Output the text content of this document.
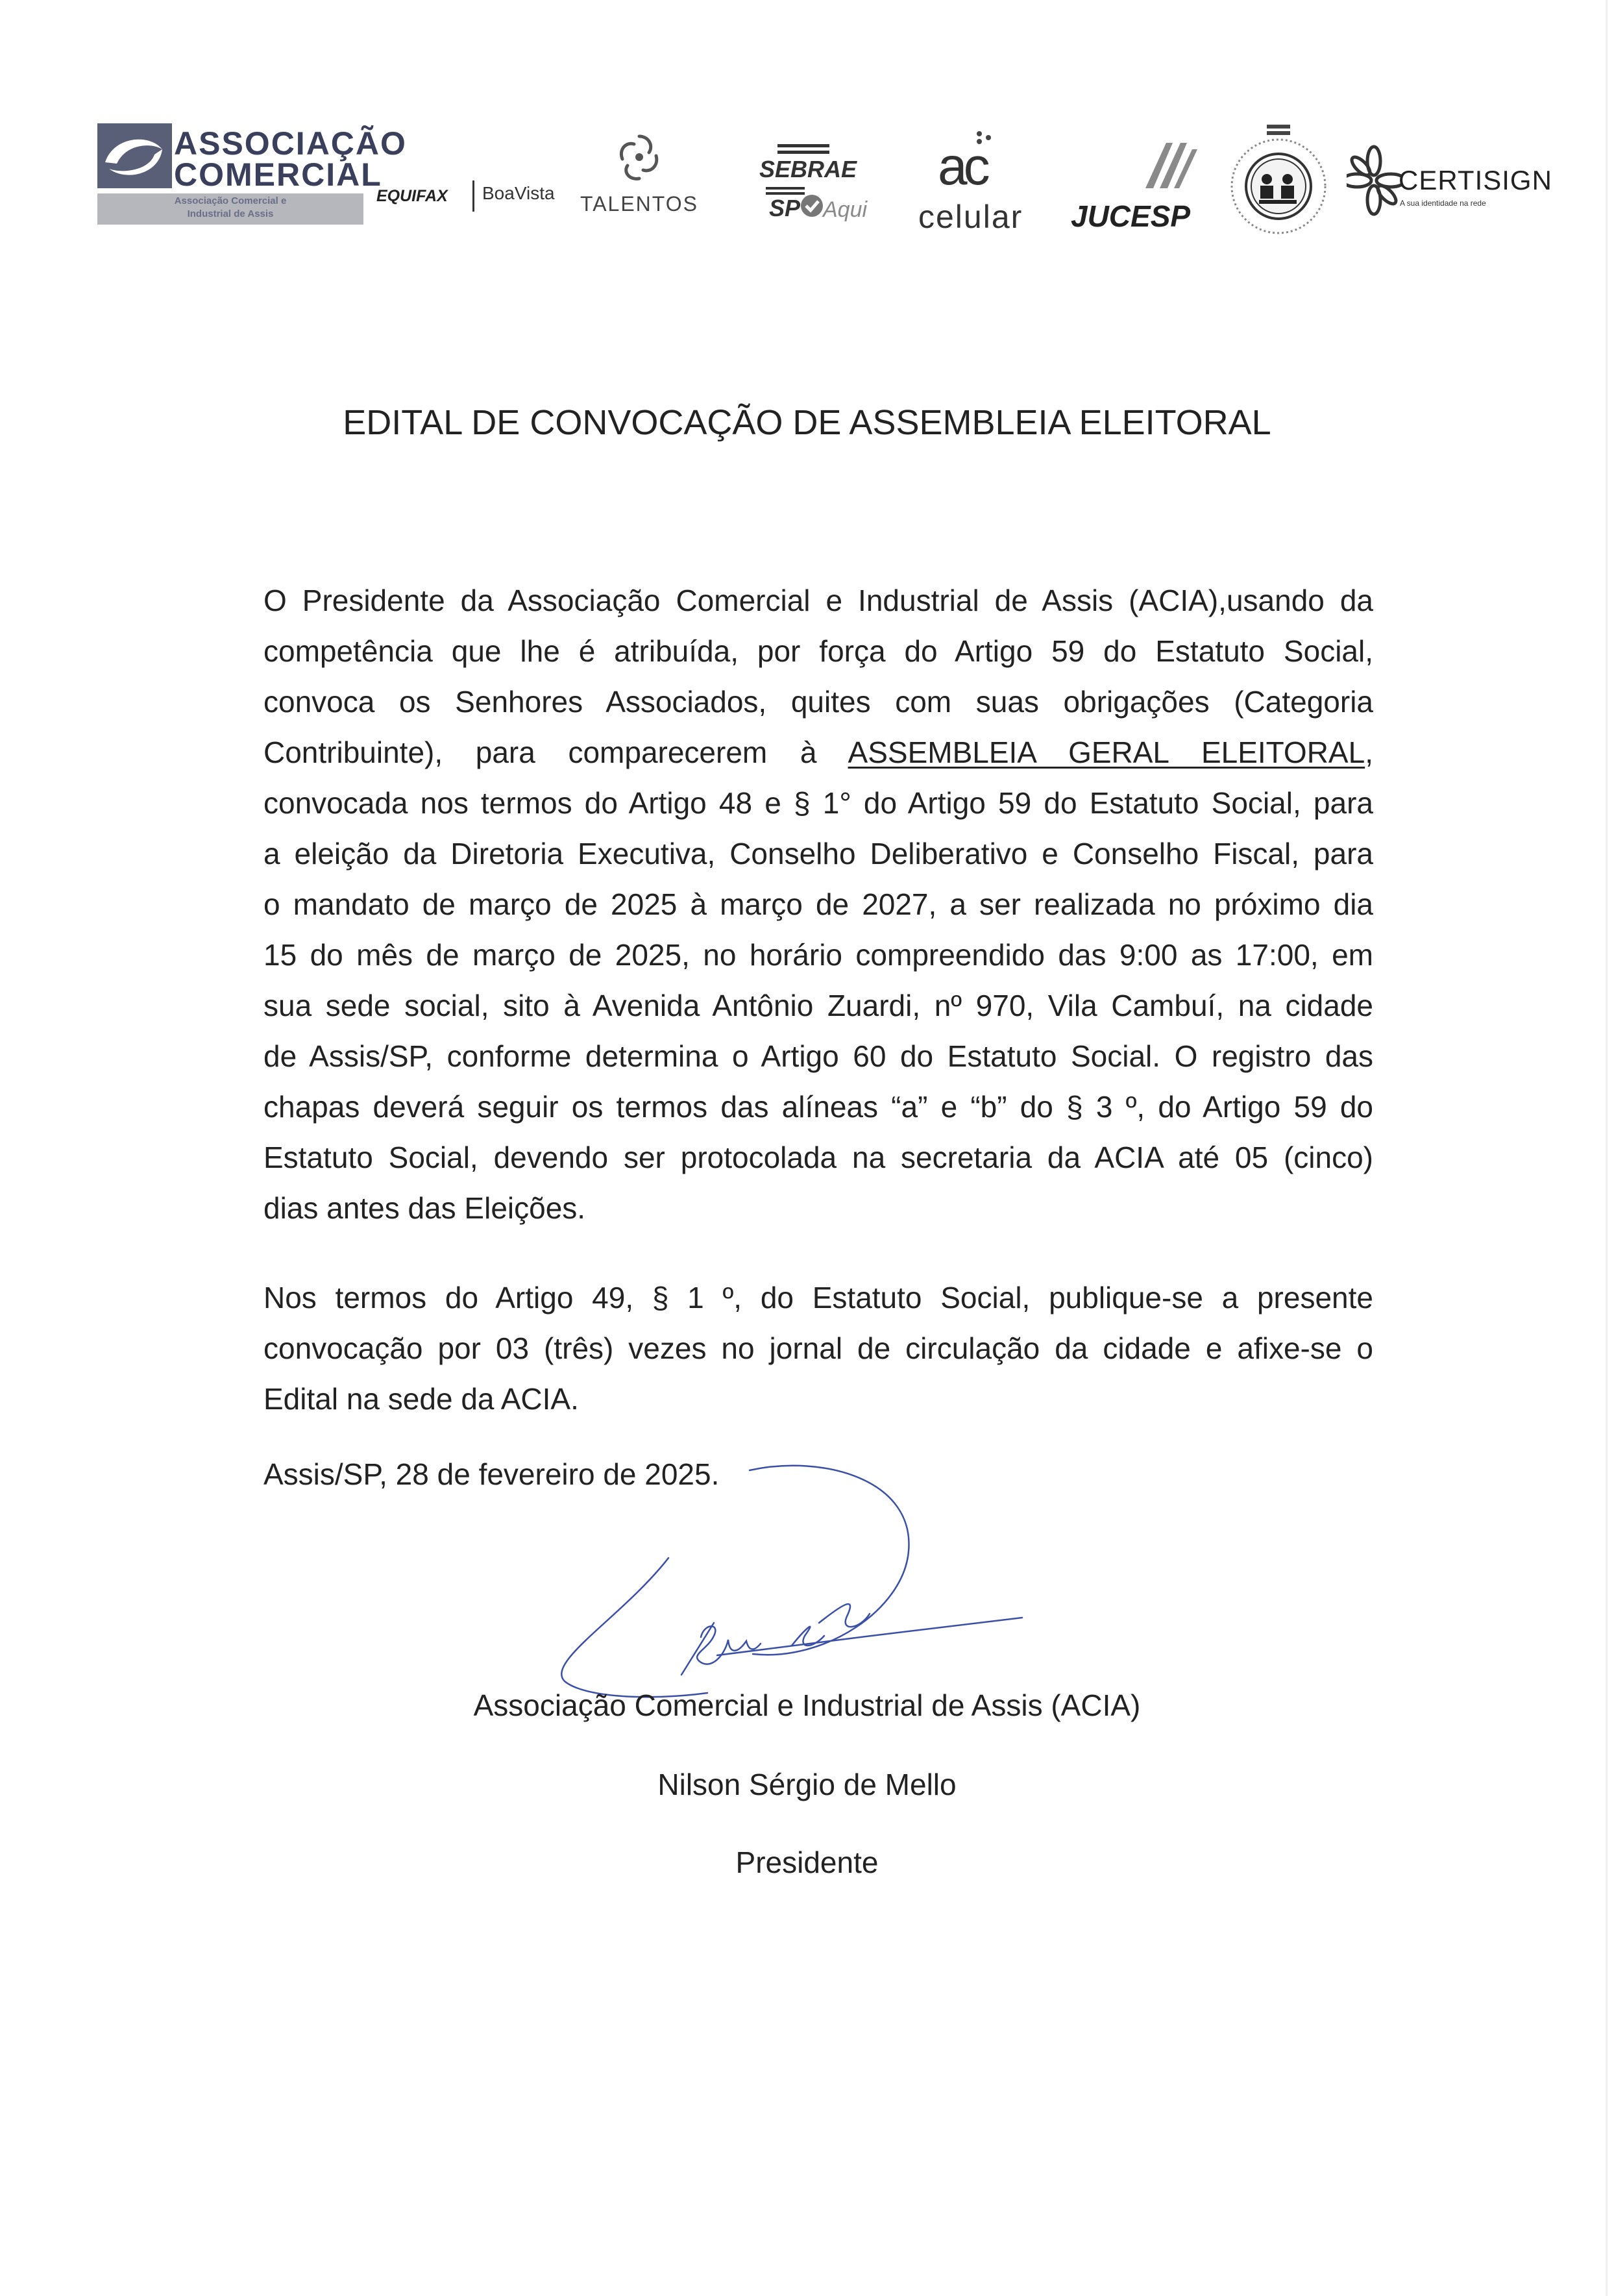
ASSOCIAÇÃO
COMERCIAL
Associação Comercial e
Industrial de Assis
EQUIFAX BoaVista TALENTOS
SEBRAE
SP Aqui
ac
celular JUCESP
CERTISIGN
A sua identidade na rede
EDITAL DE CONVOCAÇÃO DE ASSEMBLEIA ELEITORAL
O Presidente da Associação Comercial e Industrial de Assis (ACIA),usando da
competência que lhe é atribuída, por força do Artigo 59 do Estatuto Social,
convoca os Senhores Associados, quites com suas obrigações (Categoria
Contribuinte), para comparecerem à ASSEMBLEIA GERAL ELEITORAL,
convocada nos termos do Artigo 48 e § 1° do Artigo 59 do Estatuto Social, para
a eleição da Diretoria Executiva, Conselho Deliberativo e Conselho Fiscal, para
o mandato de março de 2025 à março de 2027, a ser realizada no próximo dia
15 do mês de março de 2025, no horário compreendido das 9:00 as 17:00, em
sua sede social, sito à Avenida Antônio Zuardi, nº 970, Vila Cambuí, na cidade
de Assis/SP, conforme determina o Artigo 60 do Estatuto Social. O registro das
chapas deverá seguir os termos das alíneas “a” e “b” do § 3 º, do Artigo 59 do
Estatuto Social, devendo ser protocolada na secretaria da ACIA até 05 (cinco)
dias antes das Eleições.
Nos termos do Artigo 49, § 1 º, do Estatuto Social, publique-se a presente
convocação por 03 (três) vezes no jornal de circulação da cidade e afixe-se o
Edital na sede da ACIA.
Assis/SP, 28 de fevereiro de 2025.
Associação Comercial e Industrial de Assis (ACIA)
Nilson Sérgio de Mello
Presidente
